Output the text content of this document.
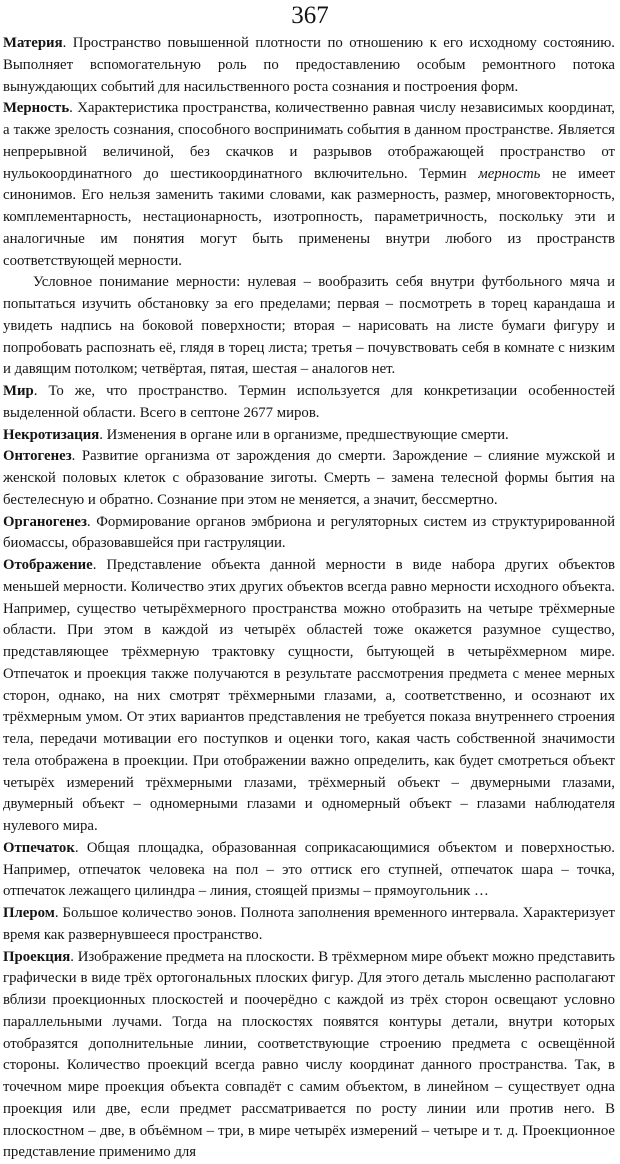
367

Материя. Пространство повышенной плотности по отношению к его исходному состоянию. Выполняет вспомогательную роль по предоставлению особым ремонтного потока вынуждающих событий для насильственного роста сознания и построения форм.

Мерность. Характеристика пространства, количественно равная числу независимых координат, а также зрелость сознания, способного воспринимать события в данном пространстве. Является непрерывной величиной, без скачков и разрывов отображающей пространство от нульокоординатного до шестикоординатного включительно. Термин мерность не имеет синонимов. Его нельзя заменить такими словами, как размерность, размер, многовекторность, комплементарность, нестационарность, изотропность, параметричность, поскольку эти и аналогичные им понятия могут быть применены внутри любого из пространств соответствующей мерности.

Условное понимание мерности: нулевая – вообразить себя внутри футбольного мяча и попытаться изучить обстановку за его пределами; первая – посмотреть в торец карандаша и увидеть надпись на боковой поверхности; вторая – нарисовать на листе бумаги фигуру и попробовать распознать её, глядя в торец листа; третья – почувствовать себя в комнате с низким и давящим потолком; четвёртая, пятая, шестая – аналогов нет.

Мир. То же, что пространство. Термин используется для конкретизации особенностей выделенной области. Всего в септоне 2677 миров.

Некротизация. Изменения в органе или в организме, предшествующие смерти.

Онтогенез. Развитие организма от зарождения до смерти. Зарождение – слияние мужской и женской половых клеток с образование зиготы. Смерть – замена телесной формы бытия на бестелесную и обратно. Сознание при этом не меняется, а значит, бессмертно.

Органогенез. Формирование органов эмбриона и регуляторных систем из структурированной биомассы, образовавшейся при гаструляции.

Отображение. Представление объекта данной мерности в виде набора других объектов меньшей мерности. Количество этих других объектов всегда равно мерности исходного объекта. Например, существо четырёхмерного пространства можно отобразить на четыре трёхмерные области. При этом в каждой из четырёх областей тоже окажется разумное существо, представляющее трёхмерную трактовку сущности, бытующей в четырёхмерном мире. Отпечаток и проекция также получаются в результате рассмотрения предмета с менее мерных сторон, однако, на них смотрят трёхмерными глазами, а, соответственно, и осознают их трёхмерным умом. От этих вариантов представления не требуется показа внутреннего строения тела, передачи мотивации его поступков и оценки того, какая часть собственной значимости тела отображена в проекции. При отображении важно определить, как будет смотреться объект четырёх измерений трёхмерными глазами, трёхмерный объект – двумерными глазами, двумерный объект – одномерными глазами и одномерный объект – глазами наблюдателя нулевого мира.

Отпечаток. Общая площадка, образованная соприкасающимися объектом и поверхностью. Например, отпечаток человека на пол – это оттиск его ступней, отпечаток шара – точка, отпечаток лежащего цилиндра – линия, стоящей призмы – прямоугольник …

Плером. Большое количество эонов. Полнота заполнения временного интервала. Характеризует время как развернувшееся пространство.

Проекция. Изображение предмета на плоскости. В трёхмерном мире объект можно представить графически в виде трёх ортогональных плоских фигур. Для этого деталь мысленно располагают вблизи проекционных плоскостей и поочерёдно с каждой из трёх сторон освещают условно параллельными лучами. Тогда на плоскостях появятся контуры детали, внутри которых отобразятся дополнительные линии, соответствующие строению предмета с освещённой стороны. Количество проекций всегда равно числу координат данного пространства. Так, в точечном мире проекция объекта совпадёт с самим объектом, в линейном – существует одна проекция или две, если предмет рассматривается по росту линии или против него. В плоскостном – две, в объёмном – три, в мире четырёх измерений – четыре и т. д. Проекционное представление применимо для
